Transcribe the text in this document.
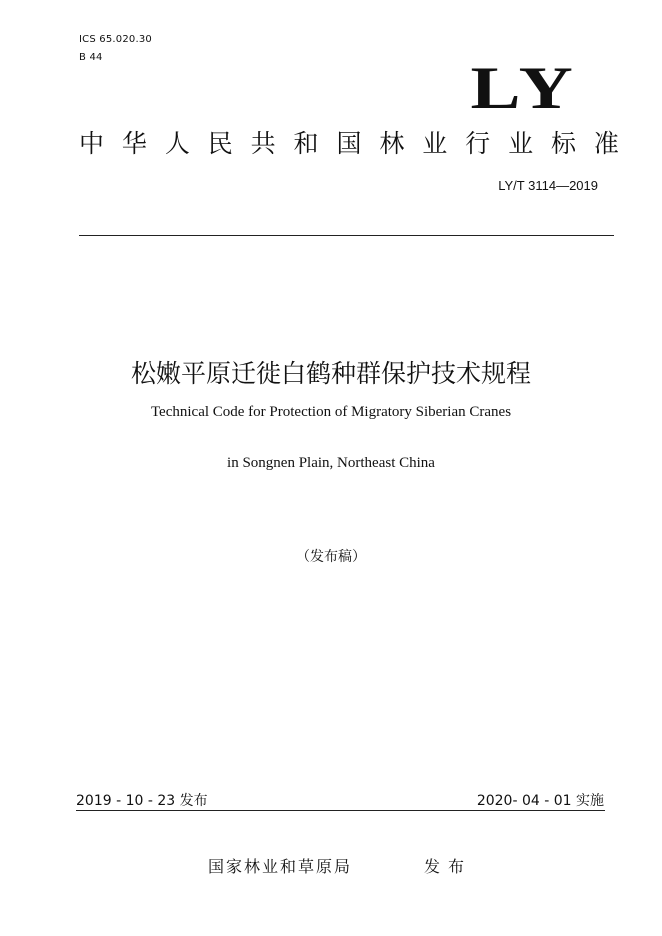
ICS 65.020.30
B 44	LY
中 华 人 民 共 和 国 林 业 行 业 标 准
LY/T 3114—2019
松嫩平原迁徙白鹤种群保护技术规程
Technical Code for Protection of Migratory Siberian Cranes
in Songnen Plain, Northeast China
（发布稿）
2019 - 10 - 23 发布	2020- 04 - 01 实施
国家林业和草原局	发布
